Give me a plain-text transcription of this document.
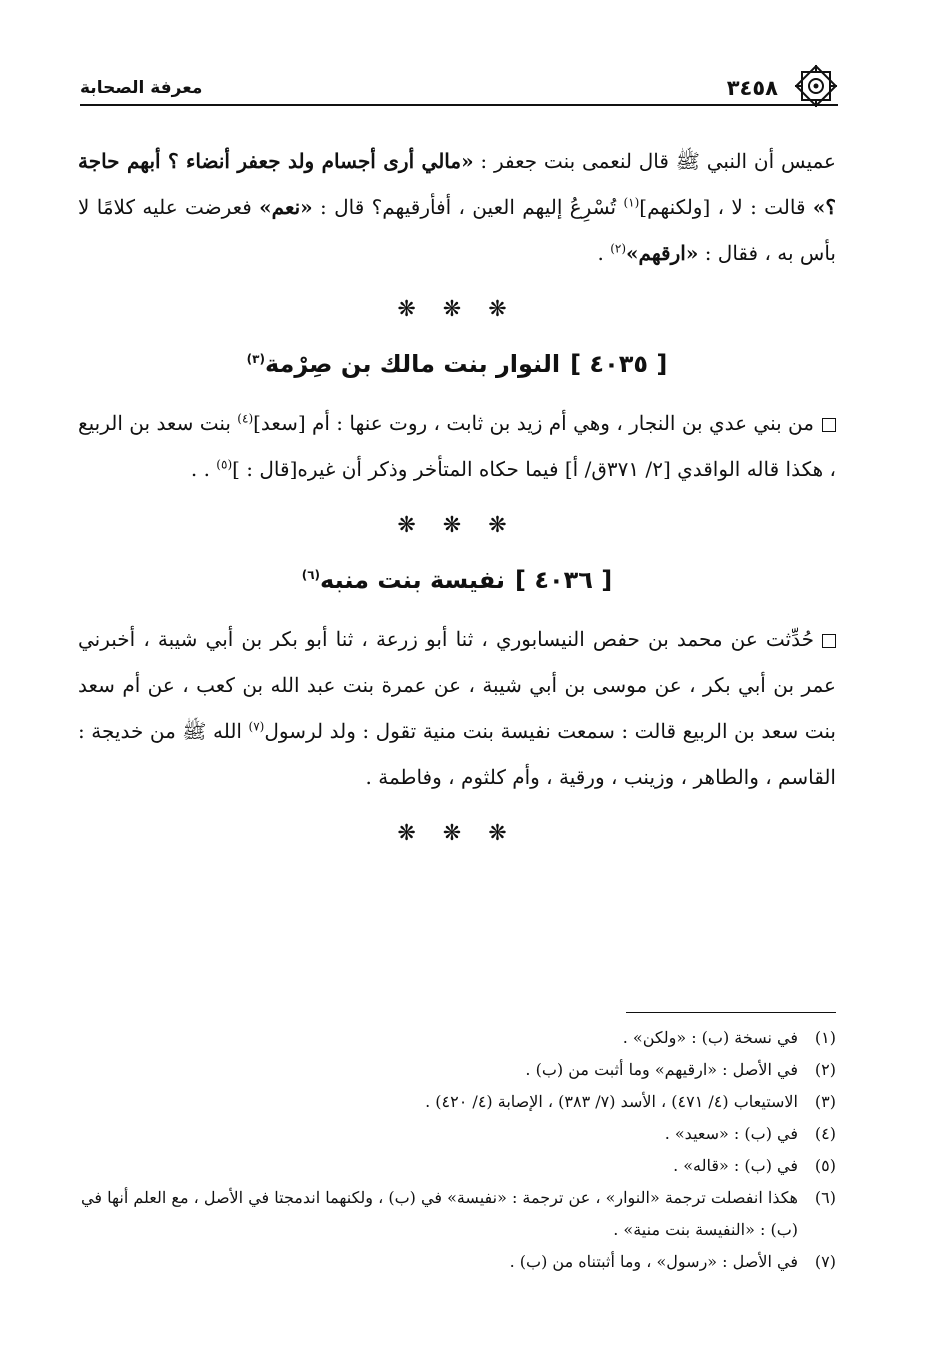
٣٤٥٨
معرفة الصحابة

عميس أن النبي ﷺ قال لنعمى بنت جعفر : «مالي أرى أجسام ولد جعفر أنضاء ؟ أبهم حاجة ؟» قالت : لا ، [ولكنهم]$^{(١)}$ تُسْرِعُ إليهم العين ، أفأرقيهم؟ قال : «نعم» فعرضت عليه كلامًا لا بأس به ، فقال : «ارقهم»$^{(٢)}$ .

❋ ❋ ❋
[ ٤٠٣٥ ]النوار بنت مالك بن صِرْمة$^{(٣)}$

من بني عدي بن النجار ، وهي أم زيد بن ثابت ، روت عنها : أم [سعد]$^{(٤)}$ بنت سعد بن الربيع ، هكذا قاله الواقدي [٢/ ٣٧١ق/ أ] فيما حكاه المتأخر وذكر أن غيره[قال : ]$^{(٥)}$ . .

❋ ❋ ❋
[ ٤٠٣٦ ]نفيسة بنت منبه$^{(٦)}$

حُدِّثت عن محمد بن حفص النيسابوري ، ثنا أبو زرعة ، ثنا أبو بكر بن أبي شيبة ، أخبرني عمر بن أبي بكر ، عن موسى بن أبي شيبة ، عن عمرة بنت عبد الله بن كعب ، عن أم سعد بنت سعد بن الربيع قالت : سمعت نفيسة بنت منية تقول : ولد لرسول$^{(٧)}$ الله ﷺ من خديجة : القاسم ، والطاهر ، وزينب ، ورقية ، وأم كلثوم ، وفاطمة .

❋ ❋ ❋
(١)
في نسخة (ب) : «ولكن» .
(٢)
في الأصل : «ارقيهم» وما أثبت من (ب) .
(٣)
الاستيعاب (٤/ ٤٧١) ، الأسد (٧/ ٣٨٣) ، الإصابة (٤/ ٤٢٠) .
(٤)
في (ب) : «سعيد» .
(٥)
في (ب) : «قاله» .
(٦)
هكذا انفصلت ترجمة «النوار» ، عن ترجمة : «نفيسة» في (ب) ، ولكنهما اندمجتا في الأصل ، مع العلم أنها في (ب) : «النفيسة بنت منية» .
(٧)
في الأصل : «رسول» ، وما أثبتناه من (ب) .
